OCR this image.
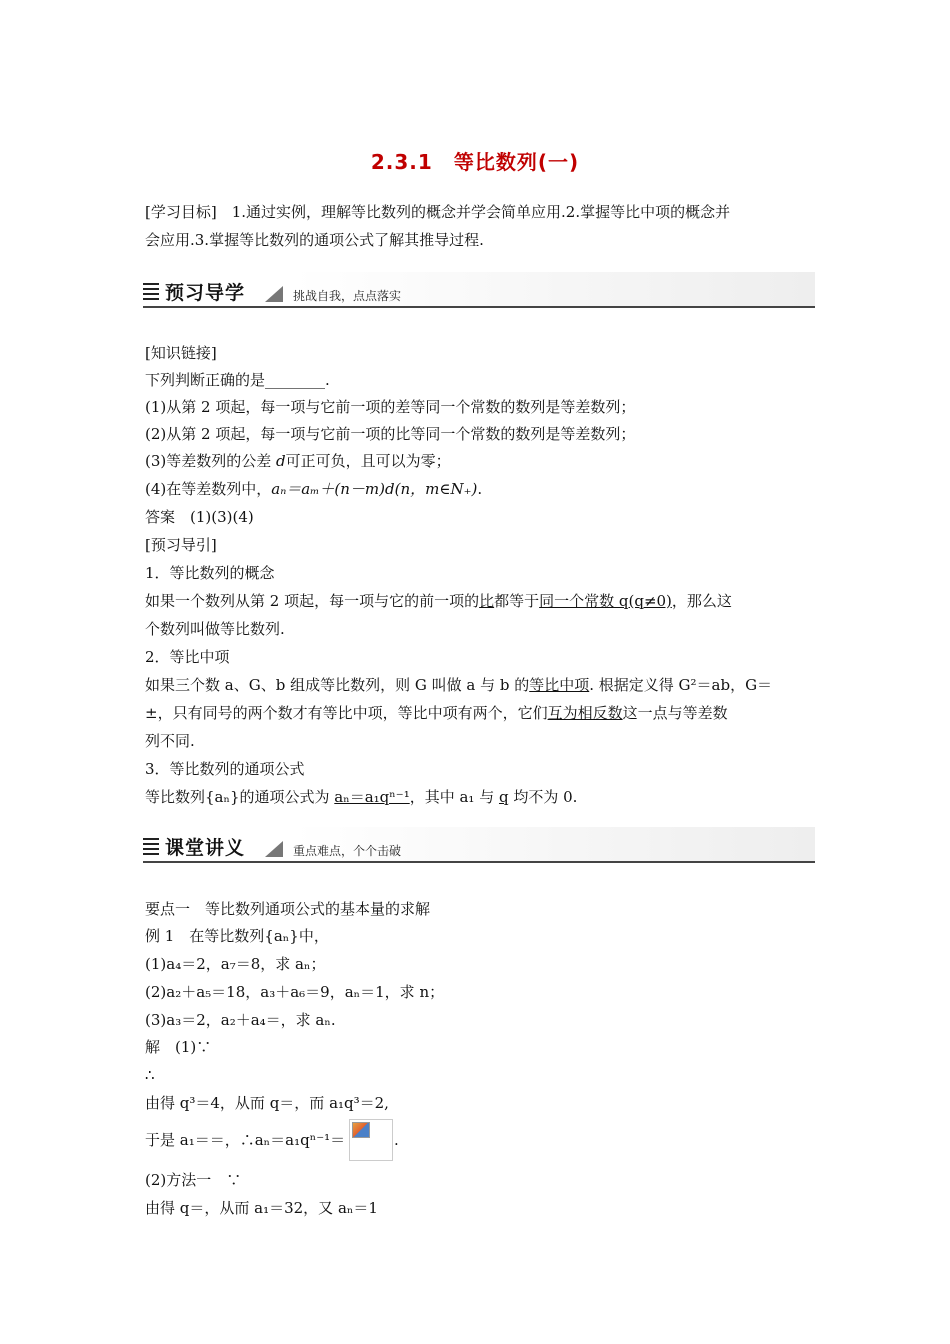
2.3.1　等比数列(一)
[学习目标]　1.通过实例，理解等比数列的概念并学会简单应用.2.掌握等比中项的概念并
会应用.3.掌握等比数列的通项公式了解其推导过程.
预习导学	挑战自我，点点落实
[知识链接]
下列判断正确的是________.
(1)从第 2 项起，每一项与它前一项的差等同一个常数的数列是等差数列；
(2)从第 2 项起，每一项与它前一项的比等同一个常数的数列是等差数列；
(3)等差数列的公差 d可正可负，且可以为零；
(4)在等差数列中，aₙ＝aₘ＋(n－m)d(n，m∈N₊).
答案　(1)(3)(4)
[预习导引]
1．等比数列的概念
如果一个数列从第 2 项起，每一项与它的前一项的比都等于同一个常数 q(q≠0)，那么这
个数列叫做等比数列.
2．等比中项
如果三个数 a、G、b 组成等比数列，则 G 叫做 a 与 b 的等比中项. 根据定义得 G²＝ab，G＝
±，只有同号的两个数才有等比中项，等比中项有两个，它们互为相反数这一点与等差数
列不同.
3．等比数列的通项公式
等比数列{aₙ}的通项公式为 aₙ＝a₁qⁿ⁻¹，其中 a₁ 与 q 均不为 0.
课堂讲义	重点难点，个个击破
要点一　等比数列通项公式的基本量的求解
例 1　在等比数列{aₙ}中，
(1)a₄＝2，a₇＝8，求 aₙ；
(2)a₂＋a₅＝18，a₃＋a₆＝9，aₙ＝1，求 n；
(3)a₃＝2，a₂＋a₄＝，求 aₙ.
解　(1)∵
∴
由得 q³＝4，从而 q＝，而 a₁q³＝2,
于是 a₁＝＝，∴aₙ＝a₁qⁿ⁻¹＝	.
(2)方法一　∵
由得 q＝，从而 a₁＝32，又 aₙ＝1
